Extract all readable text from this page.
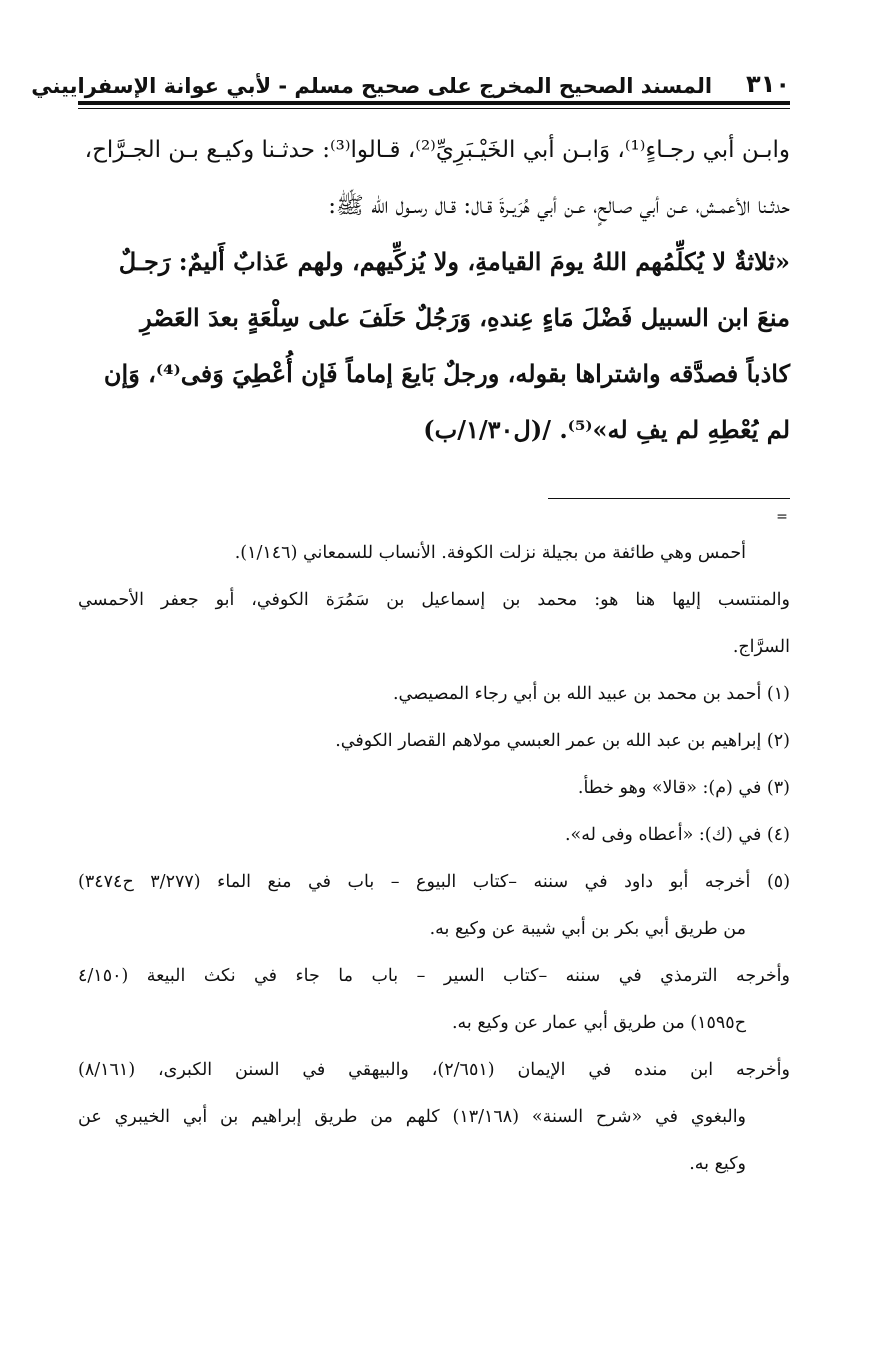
٣١٠
المسند الصحيح المخرج على صحيح مسلم - لأبي عوانة الإسفراييني
وابـن أبي رجـاءٍ⁽¹⁾، وَابـن أبي الخَيْـبَرِيِّ⁽²⁾، قـالوا⁽³⁾: حدثـنا وكيـع بـن الجـرَّاح،
حدثـنا الأعمـش، عـن أبي صـالحٍ، عـن أبي هُرَيـرةَ قـال: قـال رسـول الله ﷺ:
«ثلاثةٌ لا يُكلِّمُهم اللهُ يومَ القيامةِ، ولا يُزكِّيهم، ولهم عَذابٌ أَليمٌ: رَجـلٌ
منعَ ابن السبيل فَضْلَ مَاءٍ عِندهِ، وَرَجُلٌ حَلَفَ على سِلْعَةٍ بعدَ العَصْرِ
كاذباً فصدَّقه واشتراها بقوله، ورجلٌ بَايعَ إماماً فَإن أُعْطِيَ وَفى⁽⁴⁾، وَإن
لم يُعْطِهِ لم يفِ له»⁽⁵⁾. /(ل١/٣٠/ب)
=
أحمس وهي طائفة من بجيلة نزلت الكوفة. الأنساب للسمعاني (١/١٤٦).
والمنتسب إليها هنا هو: محمد بن إسماعيل بن سَمُرَة الكوفي، أبو جعفر الأحمسي
السرَّاج.
(١) أحمد بن محمد بن عبيد الله بن أبي رجاء المصيصي.
(٢) إبراهيم بن عبد الله بن عمر العبسي مولاهم القصار الكوفي.
(٣) في (م): «قالا» وهو خطأ.
(٤) في (ك): «أعطاه وفى له».
(٥) أخرجه أبو داود في سننه –كتاب البيوع – باب في منع الماء (٣/٢٧٧ ح٣٤٧٤)
من طريق أبي بكر بن أبي شيبة عن وكيع به.
وأخرجه الترمذي في سننه –كتاب السير – باب ما جاء في نكث البيعة (٤/١٥٠
ح١٥٩٥) من طريق أبي عمار عن وكيع به.
وأخرجه ابن منده في الإيمان (٢/٦٥١)، والبيهقي في السنن الكبرى، (٨/١٦١)
والبغوي في «شرح السنة» (١٣/١٦٨) كلهم من طريق إبراهيم بن أبي الخيبري عن
وكيع به.
